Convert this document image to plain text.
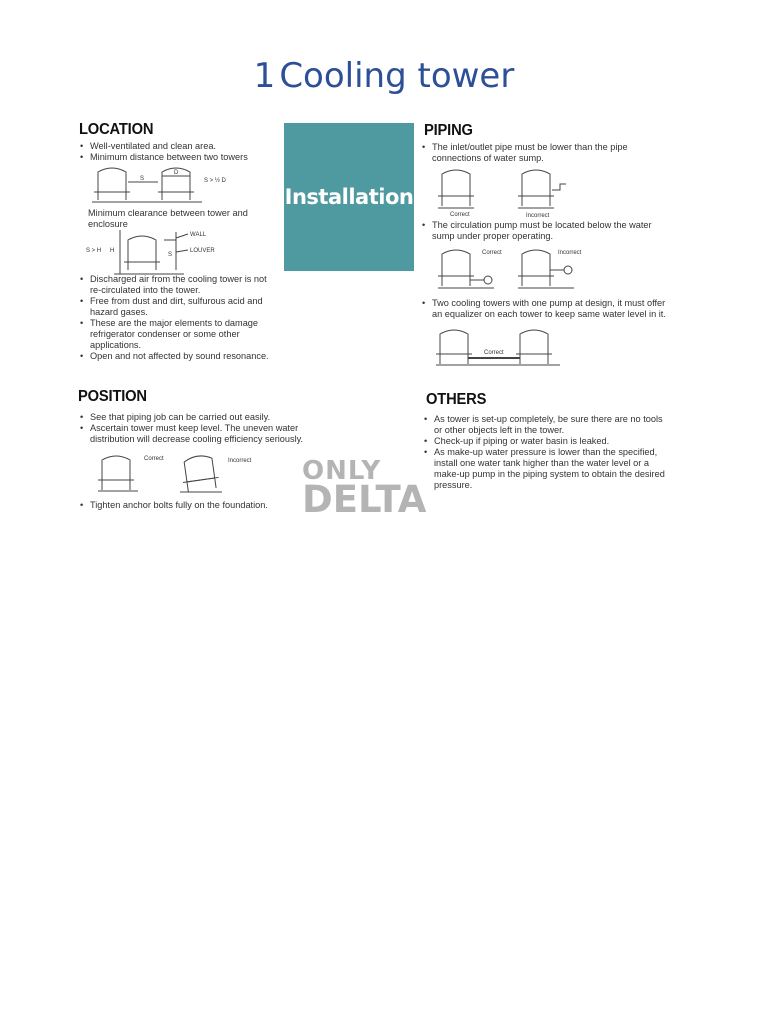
1 Cooling tower
LOCATION
• Well-ventilated and clean area.
• Minimum distance between two towers
S
D
S > ½ D
Minimum clearance between tower and enclosure
S > H H
S
WALL
LOUVER
• Discharged air from the cooling tower is not re-circulated into the tower.
• Free from dust and dirt, sulfurous acid and hazard gases.
• These are the major elements to damage refrigerator condenser or some other applications.
• Open and not affected by sound resonance.
Installation
PIPING
• The inlet/outlet pipe must be lower than the pipe connections of water sump.
Correct	Incorrect
• The circulation pump must be located below the water sump under proper operating.
Correct	Incorrect
• Two cooling towers with one pump at design, it must offer an equalizer on each tower to keep same water level in it.
Correct
POSITION
• See that piping job can be carried out easily.
• Ascertain tower must keep level. The uneven water distribution will decrease cooling efficiency seriously.
Correct	Incorrect
• Tighten anchor bolts fully on the foundation.
ONLY
DELTA
OTHERS
• As tower is set-up completely, be sure there are no tools or other objects left in the tower.
• Check-up if piping or water basin is leaked.
• As make-up water pressure is lower than the specified, install one water tank higher than the water level or a make-up pump in the piping system to obtain the desired pressure.
